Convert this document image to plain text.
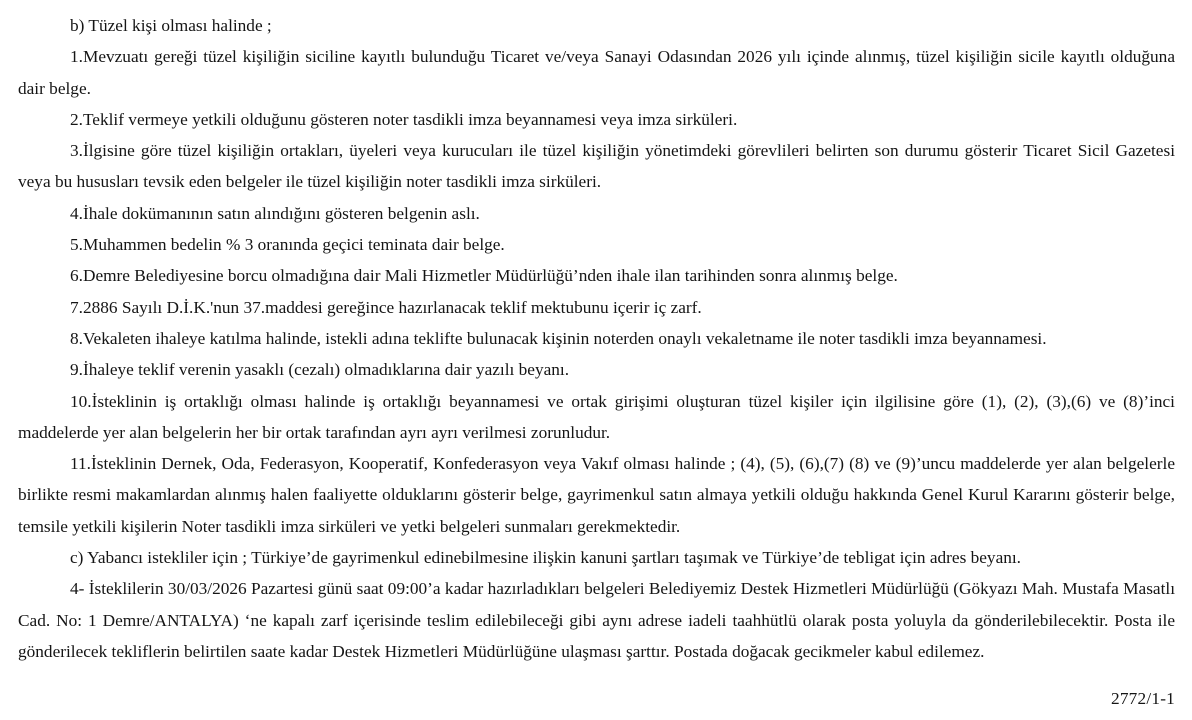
b) Tüzel kişi olması halinde ;

1.Mevzuatı gereği tüzel kişiliğin siciline kayıtlı bulunduğu Ticaret ve/veya Sanayi Odasından 2026 yılı içinde alınmış, tüzel kişiliğin sicile kayıtlı olduğuna dair belge.

2.Teklif vermeye yetkili olduğunu gösteren noter tasdikli imza beyannamesi veya imza sirküleri.

3.İlgisine göre tüzel kişiliğin ortakları, üyeleri veya kurucuları ile tüzel kişiliğin yönetimdeki görevlileri belirten son durumu gösterir Ticaret Sicil Gazetesi veya bu hususları tevsik eden belgeler ile tüzel kişiliğin noter tasdikli imza sirküleri.

4.İhale dokümanının satın alındığını gösteren belgenin aslı.

5.Muhammen bedelin % 3 oranında geçici teminata dair belge.

6.Demre Belediyesine borcu olmadığına dair Mali Hizmetler Müdürlüğü’nden ihale ilan tarihinden sonra alınmış belge.

7.2886 Sayılı D.İ.K.'nun 37.maddesi gereğince hazırlanacak teklif mektubunu içerir iç zarf.

8.Vekaleten ihaleye katılma halinde, istekli adına teklifte bulunacak kişinin noterden onaylı vekaletname ile noter tasdikli imza beyannamesi.

9.İhaleye teklif verenin yasaklı (cezalı) olmadıklarına dair yazılı beyanı.

10.İsteklinin iş ortaklığı olması halinde iş ortaklığı beyannamesi ve ortak girişimi oluşturan tüzel kişiler için ilgilisine göre (1), (2), (3),(6) ve (8)’inci maddelerde yer alan belgelerin her bir ortak tarafından ayrı ayrı verilmesi zorunludur.

11.İsteklinin Dernek, Oda, Federasyon, Kooperatif, Konfederasyon veya Vakıf olması halinde ; (4), (5), (6),(7) (8) ve (9)’uncu maddelerde yer alan belgelerle birlikte resmi makamlardan alınmış halen faaliyette olduklarını gösterir belge, gayrimenkul satın almaya yetkili olduğu hakkında Genel Kurul Kararını gösterir belge, temsile yetkili kişilerin Noter tasdikli imza sirküleri ve yetki belgeleri sunmaları gerekmektedir.

c) Yabancı istekliler için ; Türkiye’de gayrimenkul edinebilmesine ilişkin kanuni şartları taşımak ve Türkiye’de tebligat için adres beyanı.

4- İsteklilerin 30/03/2026 Pazartesi günü saat 09:00’a kadar hazırladıkları belgeleri Belediyemiz Destek Hizmetleri Müdürlüğü (Gökyazı Mah. Mustafa Masatlı Cad. No: 1 Demre/ANTALYA) ‘ne kapalı zarf içerisinde teslim edilebileceği gibi aynı adrese iadeli taahhütlü olarak posta yoluyla da gönderilebilecektir. Posta ile gönderilecek tekliflerin belirtilen saate kadar Destek Hizmetleri Müdürlüğüne ulaşması şarttır. Postada doğacak gecikmeler kabul edilemez.

2772/1-1
